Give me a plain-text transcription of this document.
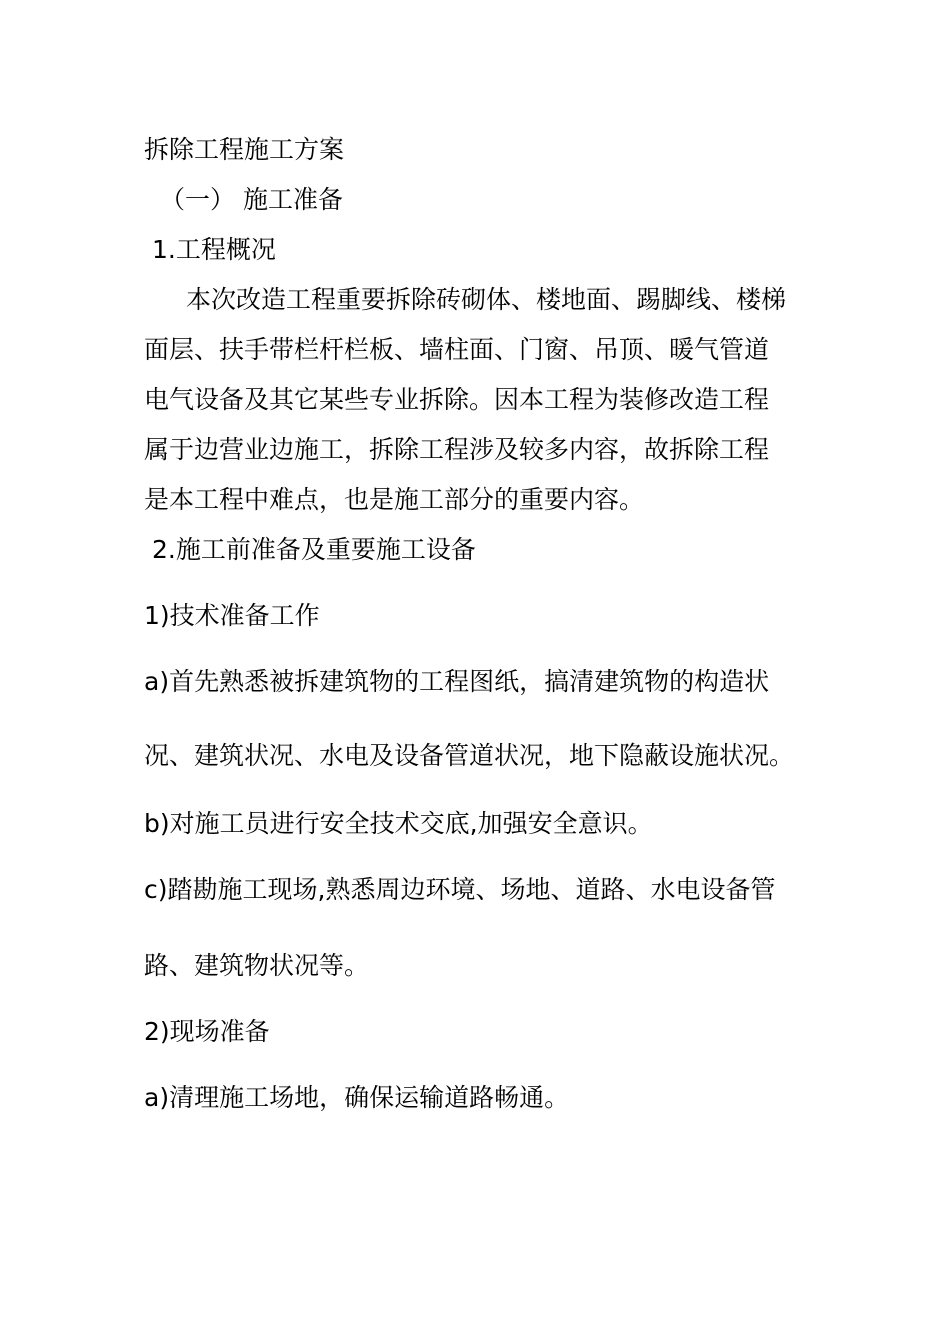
拆除工程施工方案

（一） 施工准备

1.工程概况

本次改造工程重要拆除砖砌体、楼地面、踢脚线、楼梯

面层、扶手带栏杆栏板、墙柱面、门窗、吊顶、暖气管道

电气设备及其它某些专业拆除。因本工程为装修改造工程

属于边营业边施工，拆除工程涉及较多内容，故拆除工程

是本工程中难点，也是施工部分的重要内容。

2.施工前准备及重要施工设备

1)技术准备工作

a)首先熟悉被拆建筑物的工程图纸，搞清建筑物的构造状

况、建筑状况、水电及设备管道状况，地下隐蔽设施状况。

b)对施工员进行安全技术交底,加强安全意识。

c)踏勘施工现场,熟悉周边环境、场地、道路、水电设备管

路、建筑物状况等。

2)现场准备

a)清理施工场地，确保运输道路畅通。
